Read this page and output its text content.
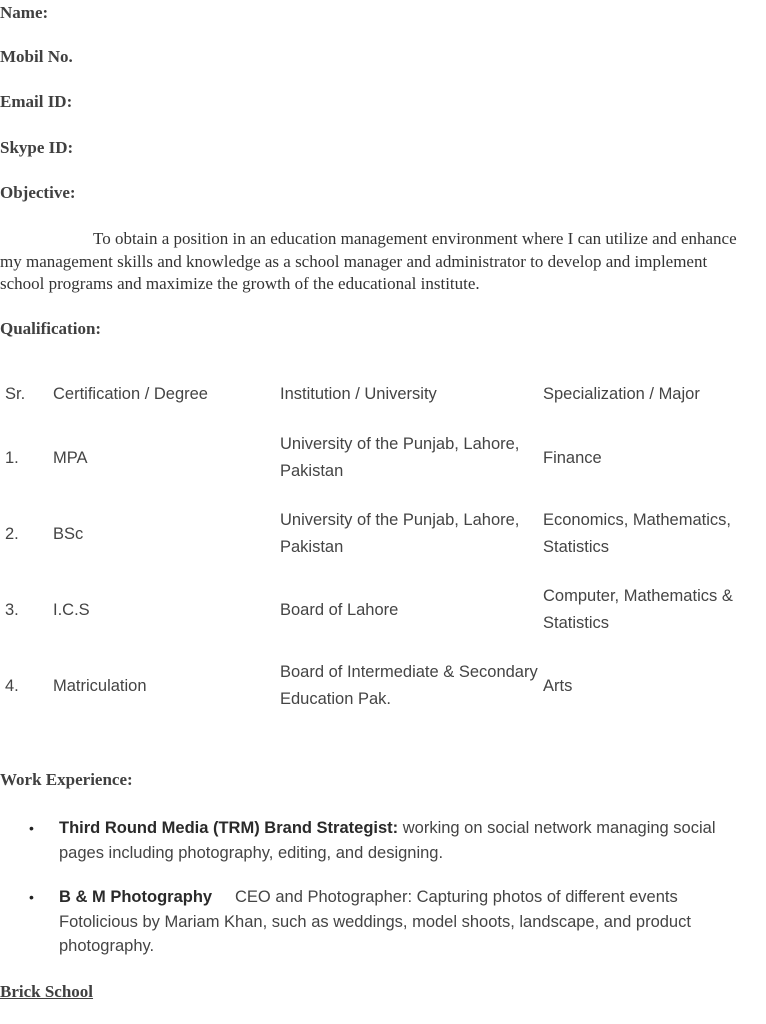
Name:
Mobil No.
Email ID:
Skype ID:
Objective:
To obtain a position in an education management environment where I can utilize and enhance my management skills and knowledge as a school manager and administrator to develop and implement school programs and maximize the growth of the educational institute.
Qualification:
Sr.	Certification / Degree	Institution / University	Specialization / Major
1.	MPA	University of the Punjab, Lahore, Pakistan	Finance
2.	BSc	University of the Punjab, Lahore, Pakistan	Economics, Mathematics, Statistics
3.	I.C.S	Board of Lahore	Computer, Mathematics & Statistics
4.	Matriculation	Board of Intermediate & Secondary Education Pak.	Arts
Work Experience:
• Third Round Media (TRM) Brand Strategist: working on social network managing social pages including photography, editing, and designing.
• B & M Photography     CEO and Photographer: Capturing photos of different events Fotolicious by Mariam Khan, such as weddings, model shoots, landscape, and product photography.
Brick School
